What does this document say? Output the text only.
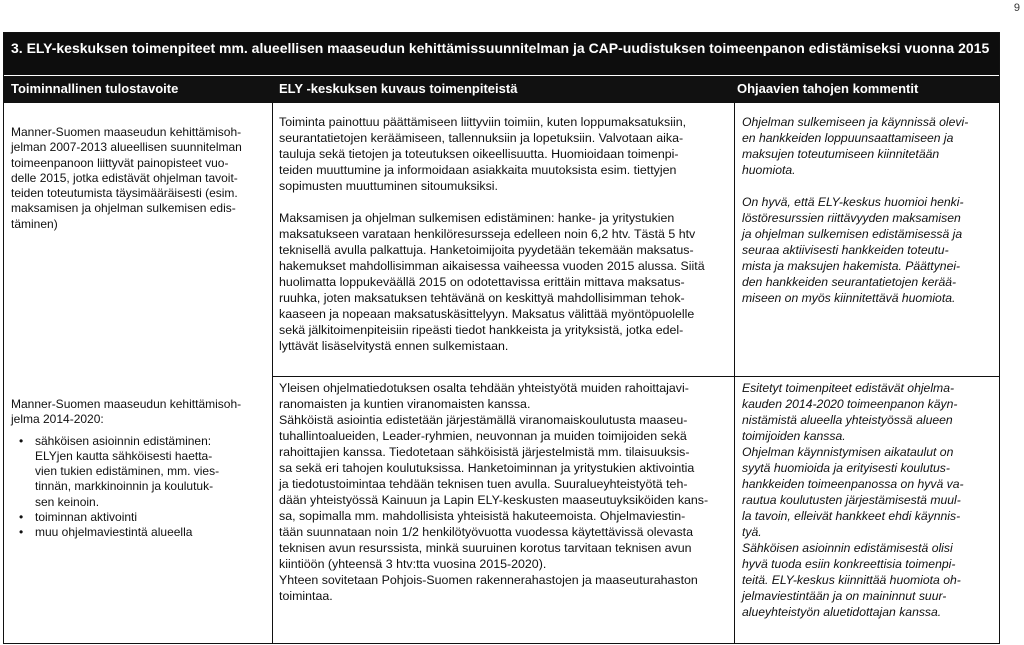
9
3. ELY-keskuksen toimenpiteet mm. alueellisen maaseudun kehittämissuunnitelman ja CAP-uudistuksen toimeenpanon edistämiseksi vuonna 2015
Toiminnallinen tulostavoite	ELY -keskuksen kuvaus toimenpiteistä	Ohjaavien tahojen kommentit

Manner-Suomen maaseudun kehittämisoh-
jelman 2007-2013 alueellisen suunnitelman
toimeenpanoon liittyvät painopisteet vuo-
delle 2015, jotka edistävät ohjelman tavoit-
teiden toteutumista täysimääräisesti (esim.
maksamisen ja ohjelman sulkemisen edis-
täminen)

Toiminta painottuu päättämiseen liittyviin toimiin, kuten loppumaksatuksiin,
seurantatietojen keräämiseen, tallennuksiin ja lopetuksiin. Valvotaan aika-
tauluja sekä tietojen ja toteutuksen oikeellisuutta. Huomioidaan toimenpi-
teiden muuttumine ja informoidaan asiakkaita muutoksista esim. tiettyjen
sopimusten muuttuminen sitoumuksiksi.

Maksamisen ja ohjelman sulkemisen edistäminen: hanke- ja yritystukien
maksatukseen varataan henkilöresursseja edelleen noin 6,2 htv. Tästä 5 htv
teknisellä avulla palkattuja. Hanketoimijoita pyydetään tekemään maksatus-
hakemukset mahdollisimman aikaisessa vaiheessa vuoden 2015 alussa. Siitä
huolimatta loppukeväällä 2015 on odotettavissa erittäin mittava maksatus-
ruuhka, joten maksatuksen tehtävänä on keskittyä mahdollisimman tehok-
kaaseen ja nopeaan maksatuskäsittelyyn. Maksatus välittää myöntöpuolelle
sekä jälkitoimenpiteisiin ripeästi tiedot hankkeista ja yrityksistä, jotka edel-
lyttävät lisäselvitystä ennen sulkemistaan.

Ohjelman sulkemiseen ja käynnissä olevi-
en hankkeiden loppuunsaattamiseen ja
maksujen toteutumiseen kiinnitetään
huomiota.

On hyvä, että ELY-keskus huomioi henki-
löstöresurssien riittävyyden maksamisen
ja ohjelman sulkemisen edistämisessä ja
seuraa aktiivisesti hankkeiden toteutu-
mista ja maksujen hakemista. Päättynei-
den hankkeiden seurantatietojen kerää-
miseen on myös kiinnitettävä huomiota.

Manner-Suomen maaseudun kehittämisoh-
jelma 2014-2020:

• sähköisen asioinnin edistäminen:
ELYjen kautta sähköisesti haetta-
vien tukien edistäminen, mm. vies-
tinnän, markkinoinnin ja koulutuk-
sen keinoin.
• toiminnan aktivointi
• muu ohjelmaviestintä alueella

Yleisen ohjelmatiedotuksen osalta tehdään yhteistyötä muiden rahoittajavi-
ranomaisten ja kuntien viranomaisten kanssa.
Sähköistä asiointia edistetään järjestämällä viranomaiskoulutusta maaseu-
tuhallintoalueiden, Leader-ryhmien, neuvonnan ja muiden toimijoiden sekä
rahoittajien kanssa. Tiedotetaan sähköisistä järjestelmistä mm. tilaisuuksis-
sa sekä eri tahojen koulutuksissa. Hanketoiminnan ja yritystukien aktivointia
ja tiedotustoimintaa tehdään teknisen tuen avulla. Suuralueyhteistyötä teh-
dään yhteistyössä Kainuun ja Lapin ELY-keskusten maaseutuyksiköiden kans-
sa, sopimalla mm. mahdollisista yhteisistä hakuteemoista. Ohjelmaviestin-
tään suunnataan noin 1/2 henkilötyövuotta vuodessa käytettävissä olevasta
teknisen avun resurssista, minkä suuruinen korotus tarvitaan teknisen avun
kiintiöön (yhteensä 3 htv:tta vuosina 2015-2020).
Yhteen sovitetaan Pohjois-Suomen rakennerahastojen ja maaseuturahaston
toimintaa.

Esitetyt toimenpiteet edistävät ohjelma-
kauden 2014-2020 toimeenpanon käyn-
nistämistä alueella yhteistyössä alueen
toimijoiden kanssa.
Ohjelman käynnistymisen aikataulut on
syytä huomioida ja erityisesti koulutus-
hankkeiden toimeenpanossa on hyvä va-
rautua koulutusten järjestämisestä muul-
la tavoin, elleivät hankkeet ehdi käynnis-
tyä.
Sähköisen asioinnin edistämisestä olisi
hyvä tuoda esiin konkreettisia toimenpi-
teitä. ELY-keskus kiinnittää huomiota oh-
jelmaviestintään ja on maininnut suur-
alueyhteistyön aluetidottajan kanssa.
